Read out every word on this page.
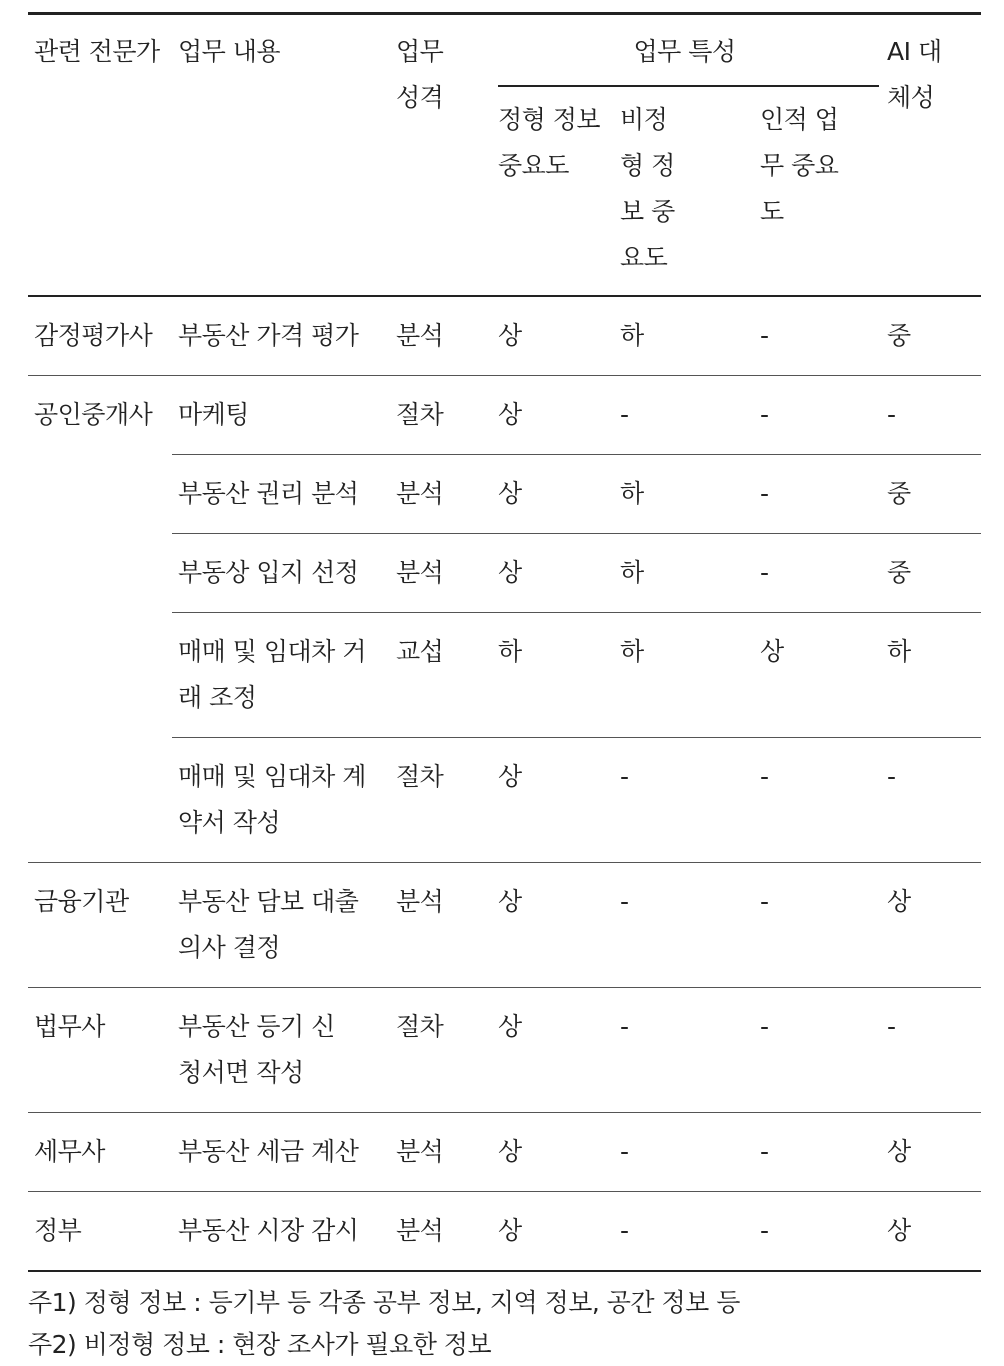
관련 전문가	업무 내용	업무 성격	업무 특성			AI 대체성
			정형 정보 중요도	비정형 정보 중요도	인적 업무 중요도	
감정평가사	부동산 가격 평가	분석	상	하	-	중
공인중개사	마케팅	절차	상	-	-	-
	부동산 권리 분석	분석	상	하	-	중
	부동상 입지 선정	분석	상	하	-	중
	매매 및 임대차 거래 조정	교섭	하	하	상	하
	매매 및 임대차 계약서 작성	절차	상	-	-	-
금융기관	부동산 담보 대출 의사 결정	분석	상	-	-	상
법무사	부동산 등기 신청서면 작성	절차	상	-	-	-
세무사	부동산 세금 계산	분석	상	-	-	상
정부	부동산 시장 감시	분석	상	-	-	상
주1) 정형 정보 : 등기부 등 각종 공부 정보, 지역 정보, 공간 정보 등
주2) 비정형 정보 : 현장 조사가 필요한 정보
